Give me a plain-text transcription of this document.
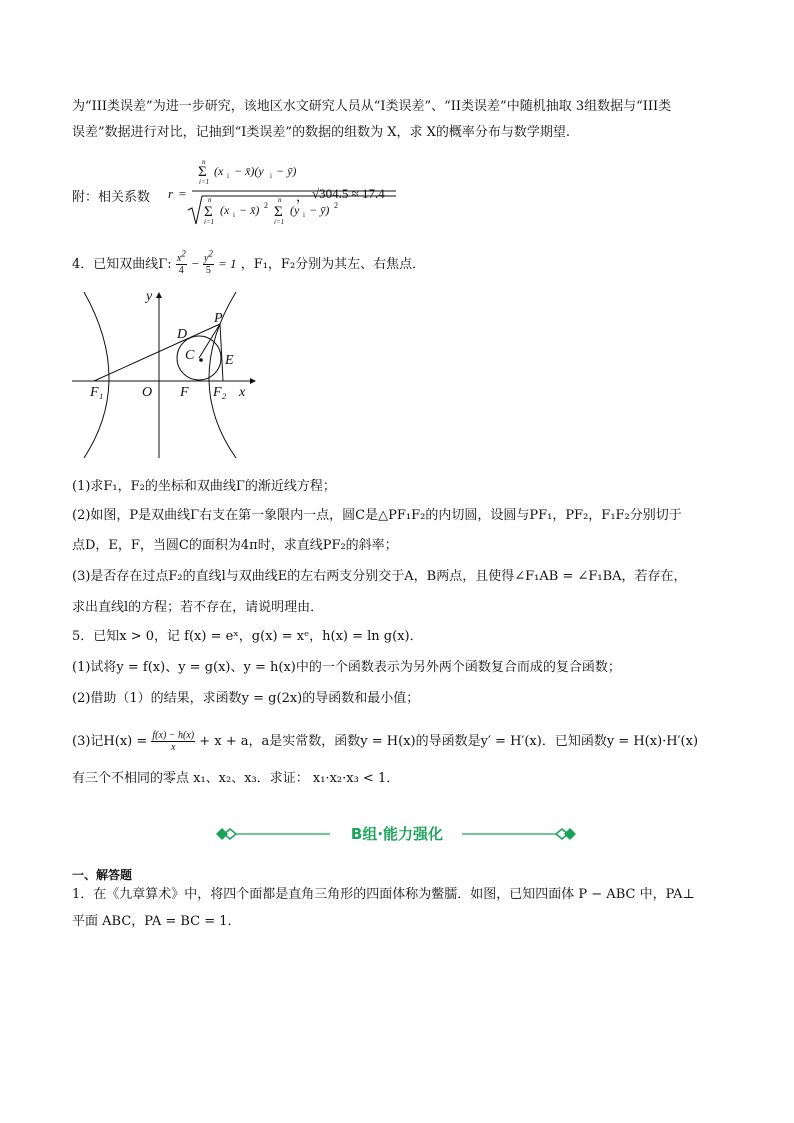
为“III类误差”为进一步研究，该地区水文研究人员从“I类误差”、“II类误差”中随机抽取 3组数据与“III类
误差”数据进行对比，记抽到“I类误差”的数据的组数为 X，求 X的概率分布与数学期望.
附：相关系数 r =
n
Σ
i=1
(x i − x̄)(y i − ȳ)
n
Σ
i=1
(x i − x̄) 2
n
Σ
i=1
(y i − ȳ) 2
， √304.5 ≈ 17.4
4．已知双曲线Γ: $\frac{x^2}{4} - \frac{y^2}{5} = 1$ ，F₁，F₂分别为其左、右焦点．
y
x
P
D
C E
F₁	O F F₂
(1)求F₁，F₂的坐标和双曲线Γ的渐近线方程；
(2)如图，P是双曲线Γ右支在第一象限内一点，圆C是△PF₁F₂的内切圆，设圆与PF₁，PF₂，F₁F₂分别切于
点D，E，F，当圆C的面积为4π时，求直线PF₂的斜率；
(3)是否存在过点F₂的直线l与双曲线E的左右两支分别交于A，B两点，且使得∠F₁AB = ∠F₁BA，若存在，
求出直线l的方程；若不存在，请说明理由．
5．已知x > 0，记 f(x) = eˣ，g(x) = xᵉ，h(x) = ln g(x)．
(1)试将y = f(x)、y = g(x)、y = h(x)中的一个函数表示为另外两个函数复合而成的复合函数；
(2)借助（1）的结果，求函数y = g(2x)的导函数和最小值；
(3)记$H(x) = \frac{f(x) - h(x)}{x} + x + a$，a是实常数，函数y = H(x)的导函数是y′ = H′(x)．已知函数y = H(x)·H′(x)
有三个不相同的零点 x₁、x₂、x₃．求证： x₁·x₂·x₃ < 1．
B组·能力强化
一、解答题
1．在《九章算术》中，将四个面都是直角三角形的四面体称为鳖臑．如图，已知四面体 P − ABC 中，PA⊥
平面 ABC，PA = BC = 1．
